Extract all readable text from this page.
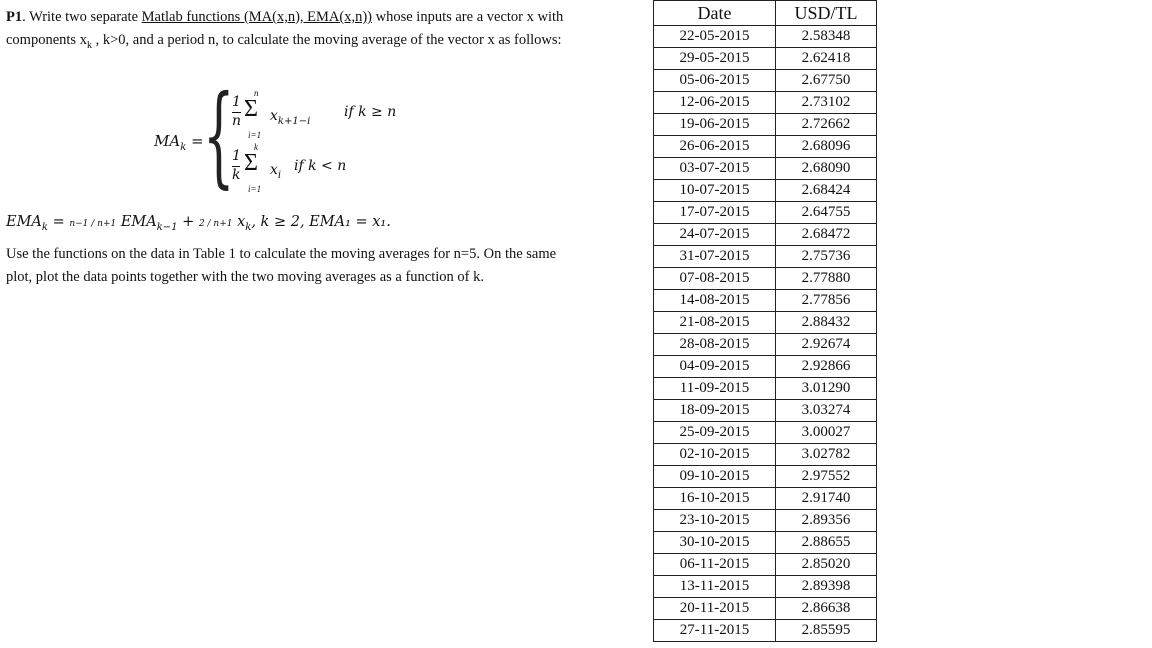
P1. Write two separate Matlab functions (MA(x,n), EMA(x,n)) whose inputs are a vector x with components $x_k$ , k>0, and a period n, to calculate the moving average of the vector x as follows:

$MA_k$ = {
1
n
n
Σ
i=1
$x_{k+1-i}$
if k ≥ n
1
k
k
Σ
i=1
$x_i$
if k < n
$EMA_k = n-1 / n+1$ $EMA_{k-1} + 2 / n+1$ $x_k$, k ≥ 2, EMA₁ = x₁.

Use the functions on the data in Table 1 to calculate the moving averages for n=5. On the same plot, plot the data points together with the two moving averages as a function of k.

Date	USD/TL
22-05-2015	2.58348
29-05-2015	2.62418
05-06-2015	2.67750
12-06-2015	2.73102
19-06-2015	2.72662
26-06-2015	2.68096
03-07-2015	2.68090
10-07-2015	2.68424
17-07-2015	2.64755
24-07-2015	2.68472
31-07-2015	2.75736
07-08-2015	2.77880
14-08-2015	2.77856
21-08-2015	2.88432
28-08-2015	2.92674
04-09-2015	2.92866
11-09-2015	3.01290
18-09-2015	3.03274
25-09-2015	3.00027
02-10-2015	3.02782
09-10-2015	2.97552
16-10-2015	2.91740
23-10-2015	2.89356
30-10-2015	2.88655
06-11-2015	2.85020
13-11-2015	2.89398
20-11-2015	2.86638
27-11-2015	2.85595
